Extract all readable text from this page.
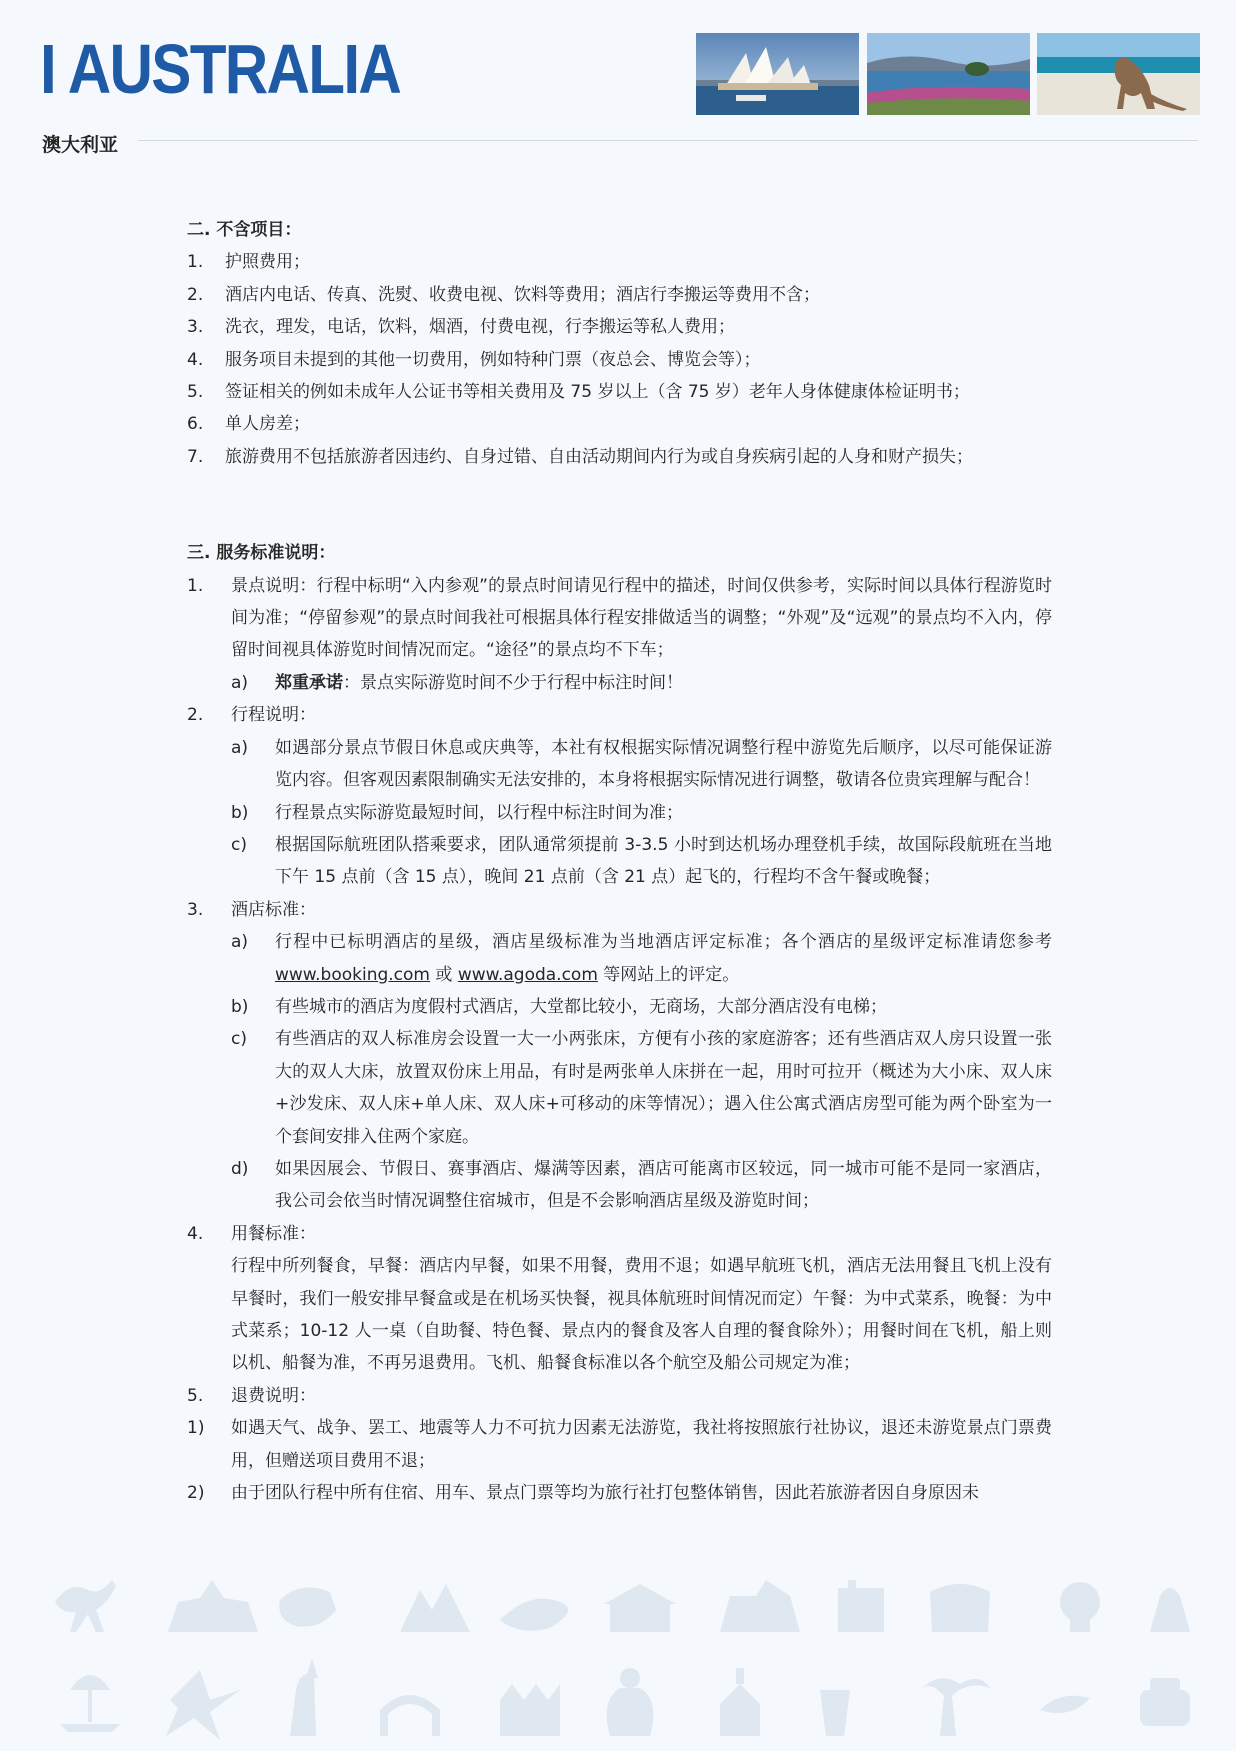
I AUSTRALIA
澳大利亚
二. 不含项目：
1.	护照费用；
2.	酒店内电话、传真、洗熨、收费电视、饮料等费用；酒店行李搬运等费用不含；
3.	洗衣，理发，电话，饮料，烟酒，付费电视，行李搬运等私人费用；
4.	服务项目未提到的其他一切费用，例如特种门票（夜总会、博览会等）；
5.	签证相关的例如未成年人公证书等相关费用及 75 岁以上（含 75 岁）老年人身体健康体检证明书；
6.	单人房差；
7.	旅游费用不包括旅游者因违约、自身过错、自由活动期间内行为或自身疾病引起的人身和财产损失；
三. 服务标准说明：
1.	景点说明：行程中标明“入内参观”的景点时间请见行程中的描述，时间仅供参考，实际时间以具体行程游览时间为准；“停留参观”的景点时间我社可根据具体行程安排做适当的调整；“外观”及“远观”的景点均不入内，停留时间视具体游览时间情况而定。“途径”的景点均不下车；
a)	郑重承诺：景点实际游览时间不少于行程中标注时间！
2.	行程说明：
a)	如遇部分景点节假日休息或庆典等，本社有权根据实际情况调整行程中游览先后顺序，以尽可能保证游览内容。但客观因素限制确实无法安排的，本身将根据实际情况进行调整，敬请各位贵宾理解与配合！
b)	行程景点实际游览最短时间，以行程中标注时间为准；
c)	根据国际航班团队搭乘要求，团队通常须提前 3-3.5 小时到达机场办理登机手续，故国际段航班在当地下午 15 点前（含 15 点），晚间 21 点前（含 21 点）起飞的，行程均不含午餐或晚餐；
3.	酒店标准：
a)	行程中已标明酒店的星级，酒店星级标准为当地酒店评定标准；各个酒店的星级评定标准请您参考 www.booking.com 或 www.agoda.com 等网站上的评定。
b)	有些城市的酒店为度假村式酒店，大堂都比较小，无商场，大部分酒店没有电梯；
c)	有些酒店的双人标准房会设置一大一小两张床，方便有小孩的家庭游客；还有些酒店双人房只设置一张大的双人大床，放置双份床上用品，有时是两张单人床拼在一起，用时可拉开（概述为大小床、双人床+沙发床、双人床+单人床、双人床+可移动的床等情况）；遇入住公寓式酒店房型可能为两个卧室为一个套间安排入住两个家庭。
d)	如果因展会、节假日、赛事酒店、爆满等因素，酒店可能离市区较远，同一城市可能不是同一家酒店，我公司会依当时情况调整住宿城市，但是不会影响酒店星级及游览时间；
4.	用餐标准：
行程中所列餐食，早餐：酒店内早餐，如果不用餐，费用不退；如遇早航班飞机，酒店无法用餐且飞机上没有早餐时，我们一般安排早餐盒或是在机场买快餐，视具体航班时间情况而定）午餐：为中式菜系，晚餐：为中式菜系；10-12 人一桌（自助餐、特色餐、景点内的餐食及客人自理的餐食除外）；用餐时间在飞机，船上则以机、船餐为准，不再另退费用。飞机、船餐食标准以各个航空及船公司规定为准；
5.	退费说明：
1)	如遇天气、战争、罢工、地震等人力不可抗力因素无法游览，我社将按照旅行社协议，退还未游览景点门票费用，但赠送项目费用不退；
2)	由于团队行程中所有住宿、用车、景点门票等均为旅行社打包整体销售，因此若旅游者因自身原因未
